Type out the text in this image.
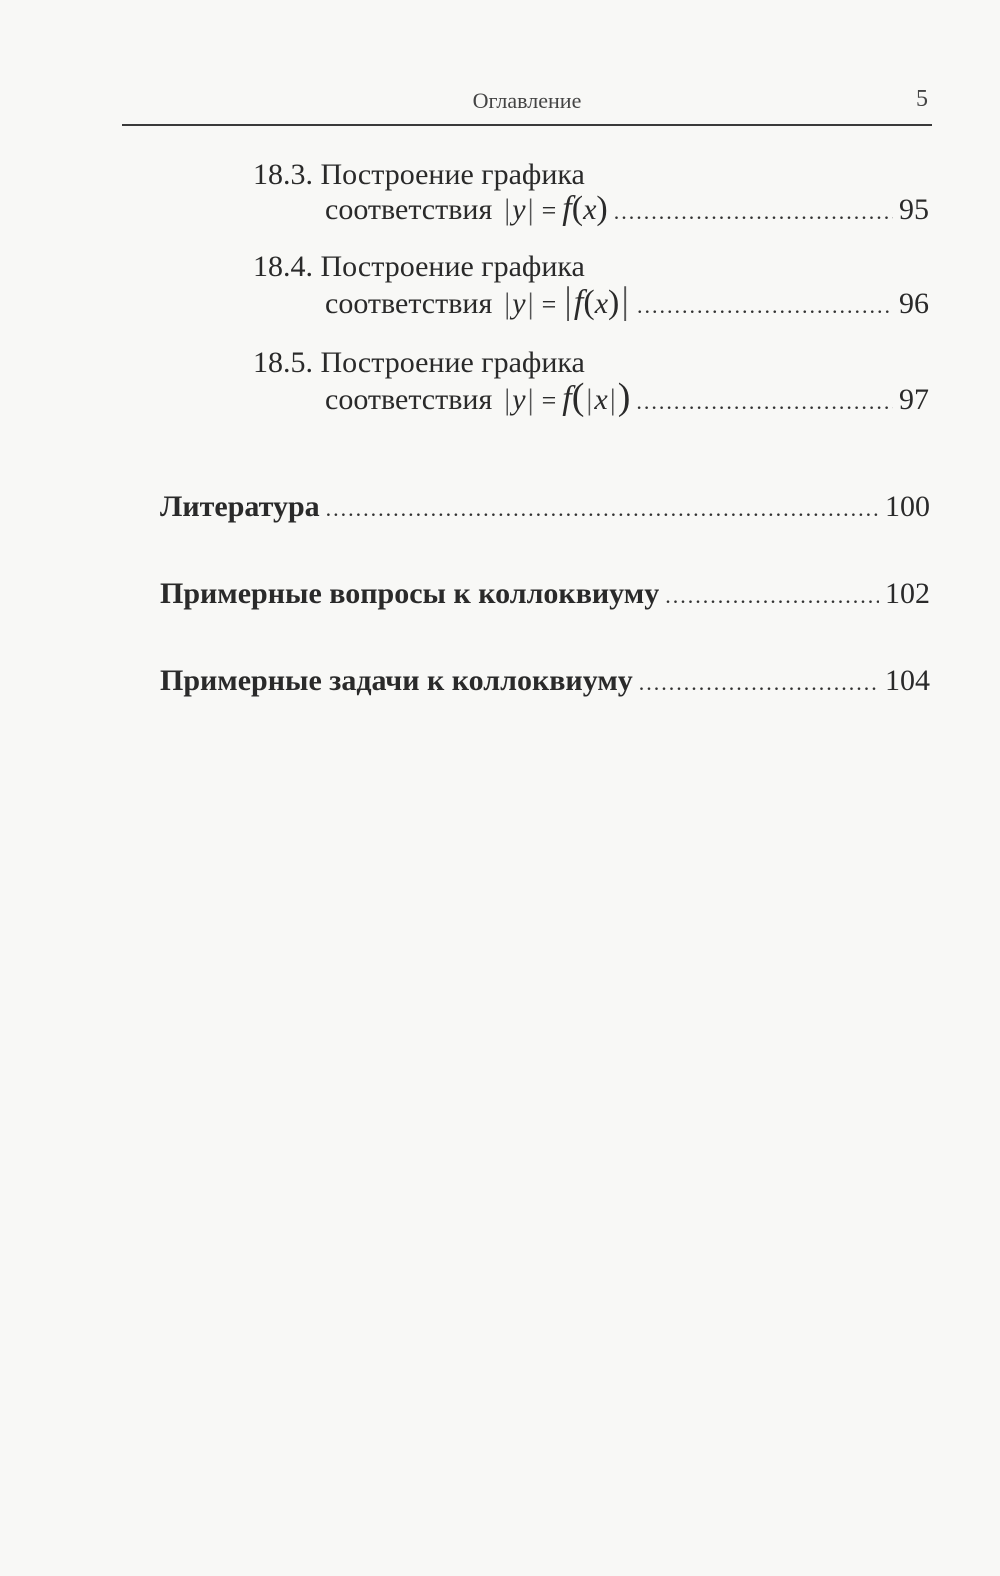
Оглавление	5
18.3. Построение графика
соответствия |y| = f(x) .....	95
18.4. Построение графика
соответствия |y| = |f(x)| .....	96
18.5. Построение графика
соответствия |y| = f(|x|) .....	97
Литература .....	100
Примерные вопросы к коллоквиуму .....	102
Примерные задачи к коллоквиуму .....	104
